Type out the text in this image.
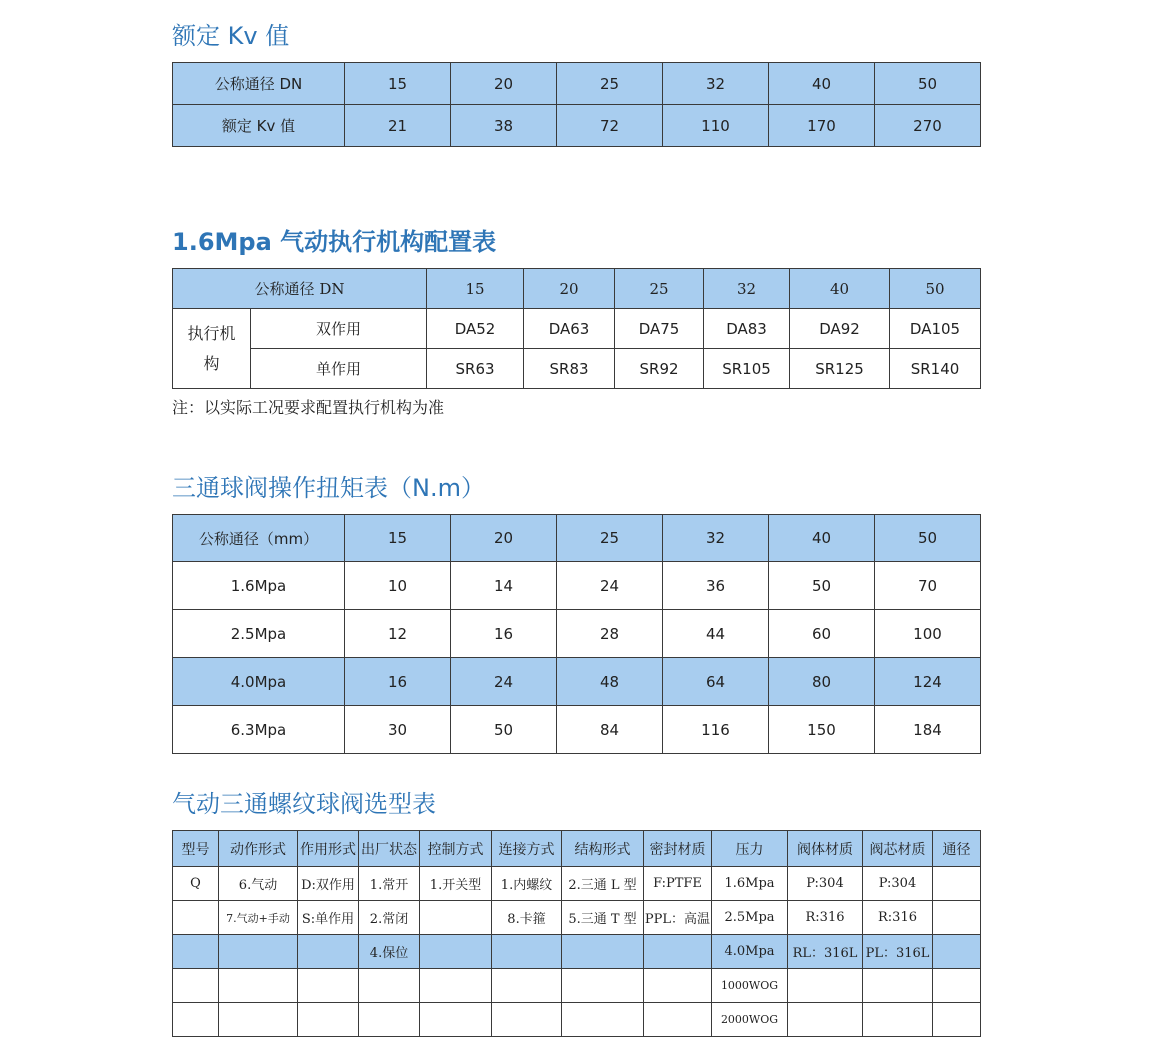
额定 Kv 值
公称通径 DN	15	20	25	32	40	50
额定 Kv 值	21	38	72	110	170	270
1.6Mpa 气动执行机构配置表
公称通径 DN		15	20	25	32	40	50
执行机构	双作用	DA52	DA63	DA75	DA83	DA92	DA105
	单作用	SR63	SR83	SR92	SR105	SR125	SR140

注：以实际工况要求配置执行机构为准

三通球阀操作扭矩表（N.m）
公称通径（mm）	15	20	25	32	40	50
1.6Mpa	10	14	24	36	50	70
2.5Mpa	12	16	28	44	60	100
4.0Mpa	16	24	48	64	80	124
6.3Mpa	30	50	84	116	150	184
气动三通螺纹球阀选型表
型号	动作形式	作用形式	出厂状态	控制方式	连接方式	结构形式	密封材质	压力	阀体材质	阀芯材质	通径
Q	6.气动	D:双作用	1.常开	1.开关型	1.内螺纹	2.三通 L 型	F:PTFE	1.6Mpa	P:304	P:304	
	7.气动+手动	S:单作用	2.常闭		8.卡箍	5.三通 T 型	PPL：高温	2.5Mpa	R:316	R:316	
			4.保位					4.0Mpa	RL：316L	PL：316L	
								1000WOG			
								2000WOG			
